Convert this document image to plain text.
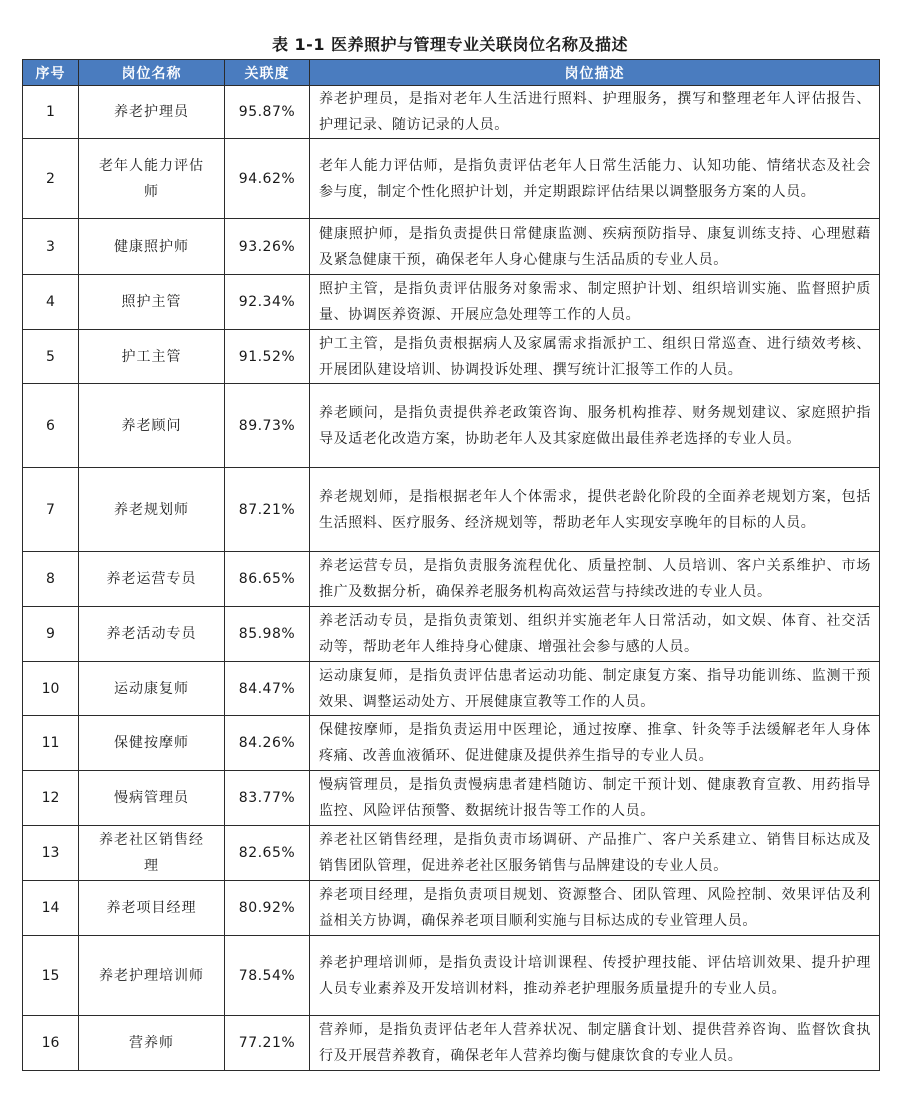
表 1-1 医养照护与管理专业关联岗位名称及描述
序号	岗位名称	关联度	岗位描述
1	养老护理员	95.87%	养老护理员，是指对老年人生活进行照料、护理服务，撰写和整理老年人评估报告、护理记录、随访记录的人员。
2	老年人能力评估师	94.62%	老年人能力评估师，是指负责评估老年人日常生活能力、认知功能、情绪状态及社会参与度，制定个性化照护计划，并定期跟踪评估结果以调整服务方案的人员。
3	健康照护师	93.26%	健康照护师，是指负责提供日常健康监测、疾病预防指导、康复训练支持、心理慰藉及紧急健康干预，确保老年人身心健康与生活品质的专业人员。
4	照护主管	92.34%	照护主管，是指负责评估服务对象需求、制定照护计划、组织培训实施、监督照护质量、协调医养资源、开展应急处理等工作的人员。
5	护工主管	91.52%	护工主管，是指负责根据病人及家属需求指派护工、组织日常巡查、进行绩效考核、开展团队建设培训、协调投诉处理、撰写统计汇报等工作的人员。
6	养老顾问	89.73%	养老顾问，是指负责提供养老政策咨询、服务机构推荐、财务规划建议、家庭照护指导及适老化改造方案，协助老年人及其家庭做出最佳养老选择的专业人员。
7	养老规划师	87.21%	养老规划师，是指根据老年人个体需求，提供老龄化阶段的全面养老规划方案，包括生活照料、医疗服务、经济规划等，帮助老年人实现安享晚年的目标的人员。
8	养老运营专员	86.65%	养老运营专员，是指负责服务流程优化、质量控制、人员培训、客户关系维护、市场推广及数据分析，确保养老服务机构高效运营与持续改进的专业人员。
9	养老活动专员	85.98%	养老活动专员，是指负责策划、组织并实施老年人日常活动，如文娱、体育、社交活动等，帮助老年人维持身心健康、增强社会参与感的人员。
10	运动康复师	84.47%	运动康复师，是指负责评估患者运动功能、制定康复方案、指导功能训练、监测干预效果、调整运动处方、开展健康宣教等工作的人员。
11	保健按摩师	84.26%	保健按摩师，是指负责运用中医理论，通过按摩、推拿、针灸等手法缓解老年人身体疼痛、改善血液循环、促进健康及提供养生指导的专业人员。
12	慢病管理员	83.77%	慢病管理员，是指负责慢病患者建档随访、制定干预计划、健康教育宣教、用药指导监控、风险评估预警、数据统计报告等工作的人员。
13	养老社区销售经理	82.65%	养老社区销售经理，是指负责市场调研、产品推广、客户关系建立、销售目标达成及销售团队管理，促进养老社区服务销售与品牌建设的专业人员。
14	养老项目经理	80.92%	养老项目经理，是指负责项目规划、资源整合、团队管理、风险控制、效果评估及利益相关方协调，确保养老项目顺利实施与目标达成的专业管理人员。
15	养老护理培训师	78.54%	养老护理培训师，是指负责设计培训课程、传授护理技能、评估培训效果、提升护理人员专业素养及开发培训材料，推动养老护理服务质量提升的专业人员。
16	营养师	77.21%	营养师，是指负责评估老年人营养状况、制定膳食计划、提供营养咨询、监督饮食执行及开展营养教育，确保老年人营养均衡与健康饮食的专业人员。
